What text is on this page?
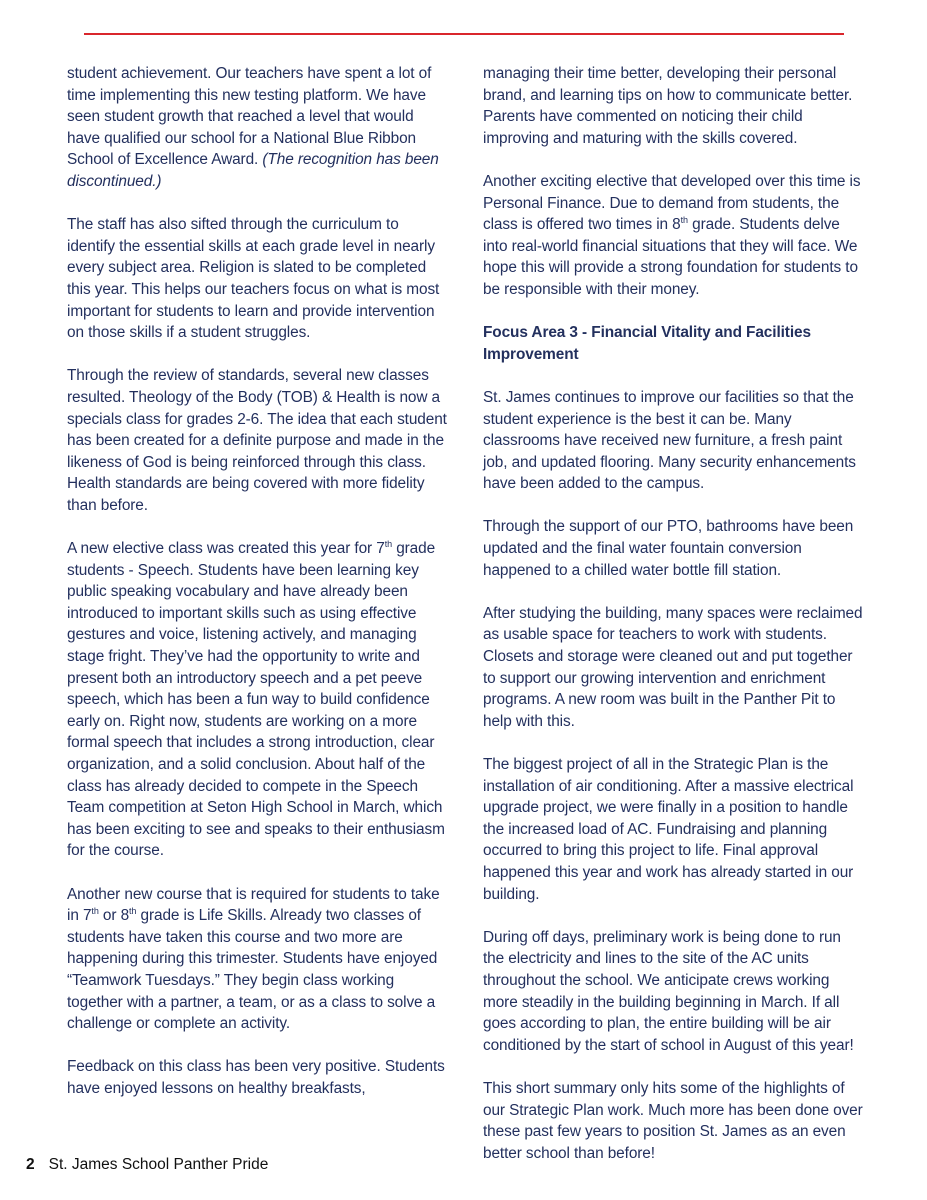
student achievement. Our teachers have spent a lot of time implementing this new testing platform. We have seen student growth that reached a level that would have qualified our school for a National Blue Ribbon School of Excellence Award. (The recognition has been discontinued.)

The staff has also sifted through the curriculum to identify the essential skills at each grade level in nearly every subject area. Religion is slated to be completed this year. This helps our teachers focus on what is most important for students to learn and provide intervention on those skills if a student struggles.

Through the review of standards, several new classes resulted. Theology of the Body (TOB) & Health is now a specials class for grades 2-6. The idea that each student has been created for a definite purpose and made in the likeness of God is being reinforced through this class. Health standards are being covered with more fidelity than before.

A new elective class was created this year for 7th grade students - Speech. Students have been learning key public speaking vocabulary and have already been introduced to important skills such as using effective gestures and voice, listening actively, and managing stage fright. They’ve had the opportunity to write and present both an introductory speech and a pet peeve speech, which has been a fun way to build confidence early on. Right now, students are working on a more formal speech that includes a strong introduction, clear organization, and a solid conclusion. About half of the class has already decided to compete in the Speech Team competition at Seton High School in March, which has been exciting to see and speaks to their enthusiasm for the course.

Another new course that is required for students to take in 7th or 8th grade is Life Skills. Already two classes of students have taken this course and two more are happening during this trimester. Students have enjoyed “Teamwork Tuesdays.” They begin class working together with a partner, a team, or as a class to solve a challenge or complete an activity.

Feedback on this class has been very positive. Students have enjoyed lessons on healthy breakfasts,

managing their time better, developing their personal brand, and learning tips on how to communicate better. Parents have commented on noticing their child improving and maturing with the skills covered.

Another exciting elective that developed over this time is Personal Finance. Due to demand from students, the class is offered two times in 8th grade. Students delve into real-world financial situations that they will face. We hope this will provide a strong foundation for students to be responsible with their money.

Focus Area 3 - Financial Vitality and Facilities Improvement

St. James continues to improve our facilities so that the student experience is the best it can be. Many classrooms have received new furniture, a fresh paint job, and updated flooring. Many security enhancements have been added to the campus.

Through the support of our PTO, bathrooms have been updated and the final water fountain conversion happened to a chilled water bottle fill station.

After studying the building, many spaces were reclaimed as usable space for teachers to work with students. Closets and storage were cleaned out and put together to support our growing intervention and enrichment programs. A new room was built in the Panther Pit to help with this.

The biggest project of all in the Strategic Plan is the installation of air conditioning. After a massive electrical upgrade project, we were finally in a position to handle the increased load of AC. Fundraising and planning occurred to bring this project to life. Final approval happened this year and work has already started in our building.

During off days, preliminary work is being done to run the electricity and lines to the site of the AC units throughout the school. We anticipate crews working more steadily in the building beginning in March. If all goes according to plan, the entire building will be air conditioned by the start of school in August of this year!

This short summary only hits some of the highlights of our Strategic Plan work. Much more has been done over these past few years to position St. James as an even better school than before!

2 St. James School Panther Pride
